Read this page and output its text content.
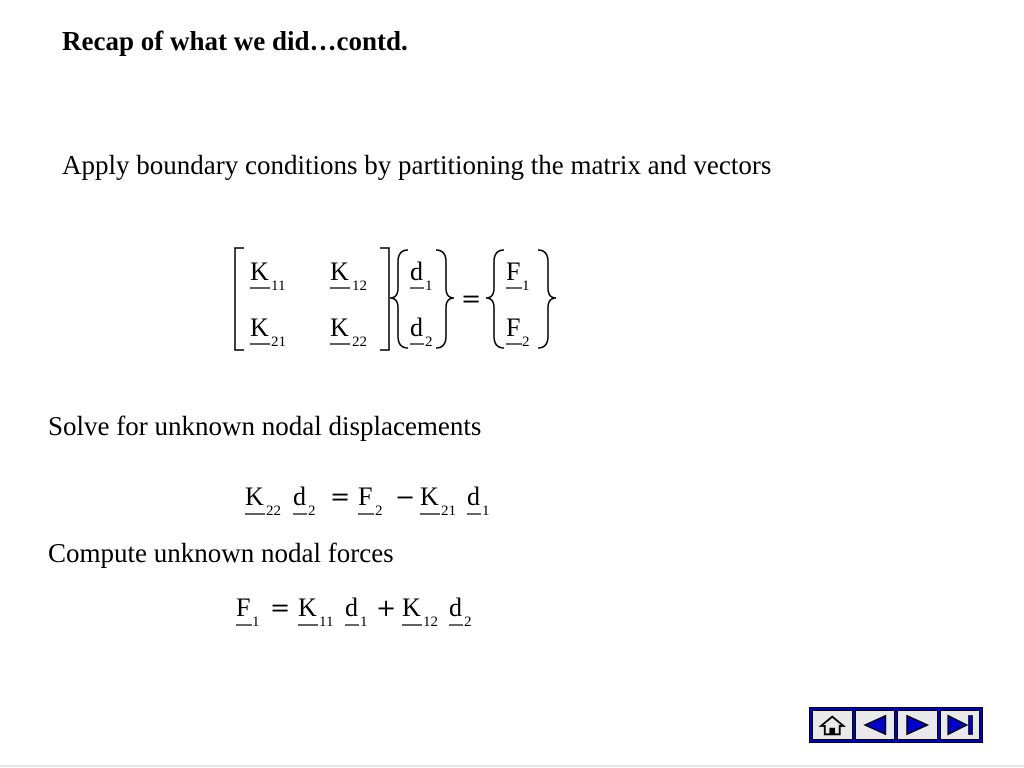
Recap of what we did…contd.
Apply boundary conditions by partitioning the matrix and vectors
K 11 K 12
K 21 K 22
d 1
d 2
=
F 1
F 2
Solve for unknown nodal displacements
K 22 d 2 = F 2 − K 21 d 1
Compute unknown nodal forces
F 1 = K 11 d 1 + K 12 d 2
